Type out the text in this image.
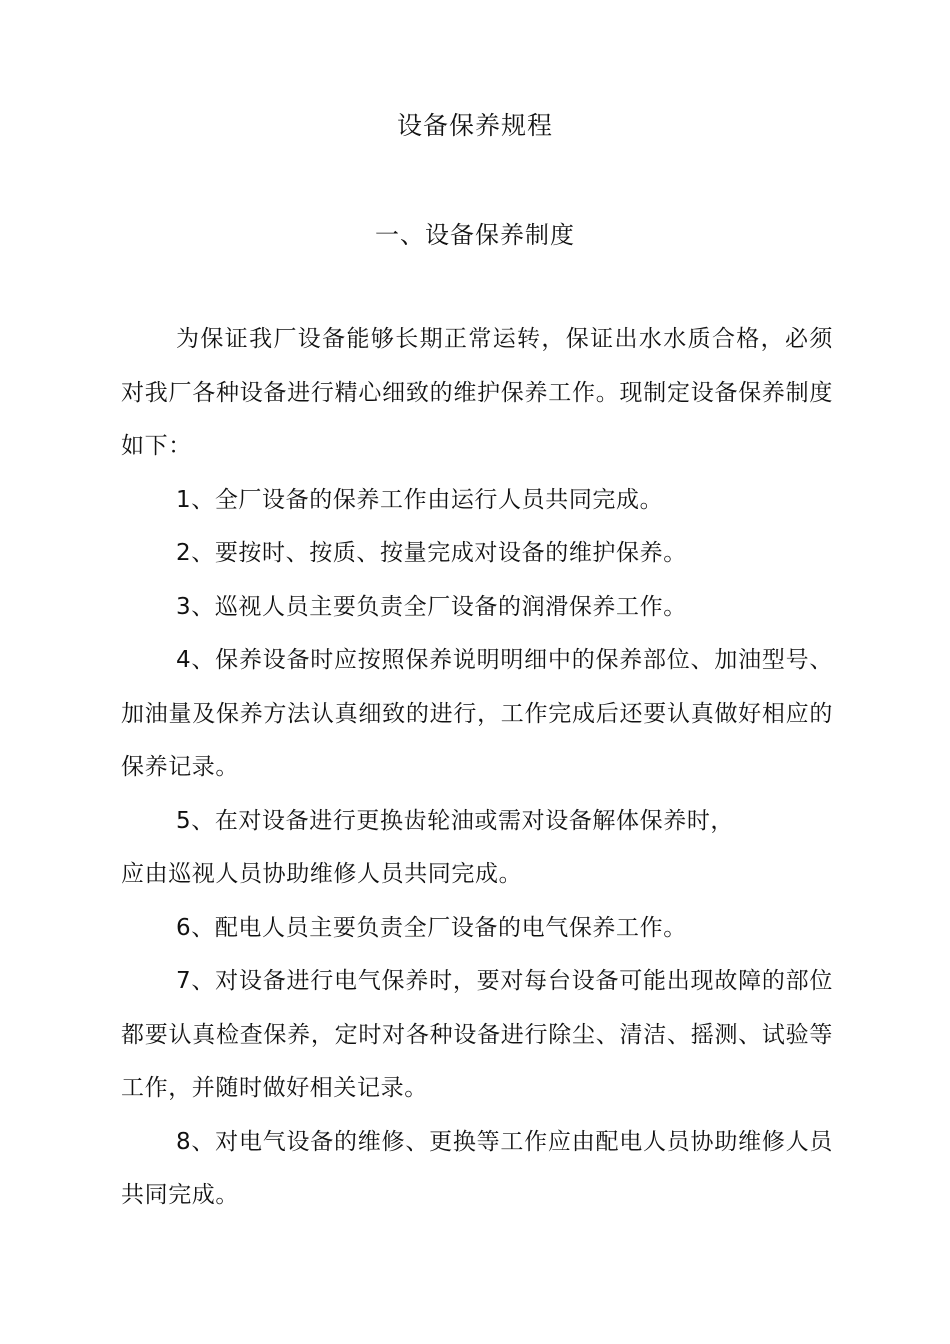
设备保养规程
一、设备保养制度

为保证我厂设备能够长期正常运转，保证出水水质合格，必须对我厂各种设备进行精心细致的维护保养工作。现制定设备保养制度如下：

1、全厂设备的保养工作由运行人员共同完成。

2、要按时、按质、按量完成对设备的维护保养。

3、巡视人员主要负责全厂设备的润滑保养工作。

4、保养设备时应按照保养说明明细中的保养部位、加油型号、加油量及保养方法认真细致的进行，工作完成后还要认真做好相应的保养记录。

5、在对设备进行更换齿轮油或需对设备解体保养时，

应由巡视人员协助维修人员共同完成。

6、配电人员主要负责全厂设备的电气保养工作。

7、对设备进行电气保养时，要对每台设备可能出现故障的部位都要认真检查保养，定时对各种设备进行除尘、清洁、摇测、试验等工作，并随时做好相关记录。

8、对电气设备的维修、更换等工作应由配电人员协助维修人员共同完成。
